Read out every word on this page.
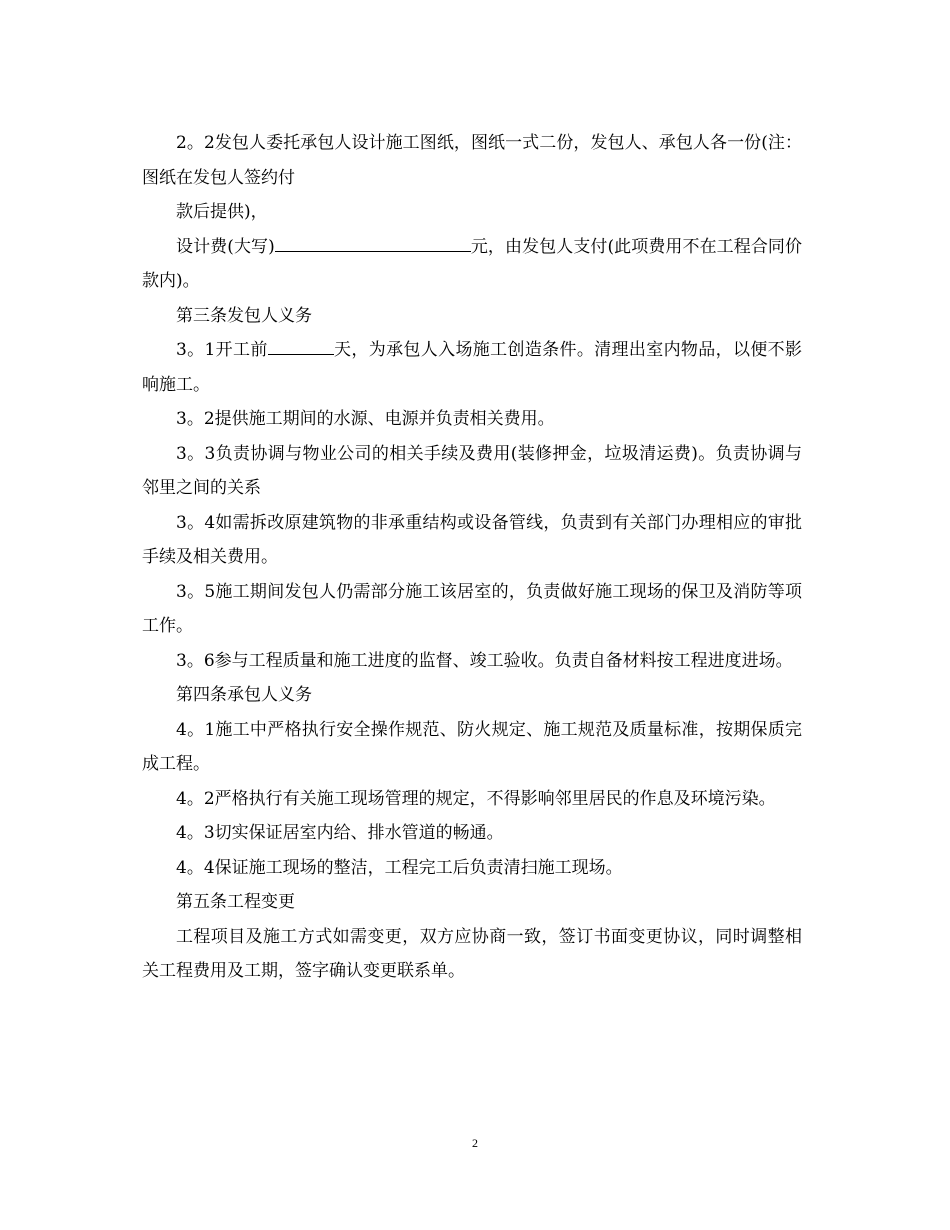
2。2发包人委托承包人设计施工图纸，图纸一式二份，发包人、承包人各一份(注：图纸在发包人签约付

款后提供)，

设计费(大写)	元，由发包人支付(此项费用不在工程合同价款内)。

第三条发包人义务

3。1开工前	天，为承包人入场施工创造条件。清理出室内物品，以便不影响施工。

3。2提供施工期间的水源、电源并负责相关费用。

3。3负责协调与物业公司的相关手续及费用(装修押金，垃圾清运费)。负责协调与邻里之间的关系

3。4如需拆改原建筑物的非承重结构或设备管线，负责到有关部门办理相应的审批手续及相关费用。

3。5施工期间发包人仍需部分施工该居室的，负责做好施工现场的保卫及消防等项工作。

3。6参与工程质量和施工进度的监督、竣工验收。负责自备材料按工程进度进场。

第四条承包人义务

4。1施工中严格执行安全操作规范、防火规定、施工规范及质量标准，按期保质完成工程。

4。2严格执行有关施工现场管理的规定，不得影响邻里居民的作息及环境污染。

4。3切实保证居室内给、排水管道的畅通。

4。4保证施工现场的整洁，工程完工后负责清扫施工现场。

第五条工程变更

工程项目及施工方式如需变更，双方应协商一致，签订书面变更协议，同时调整相关工程费用及工期，签字确认变更联系单。

2
